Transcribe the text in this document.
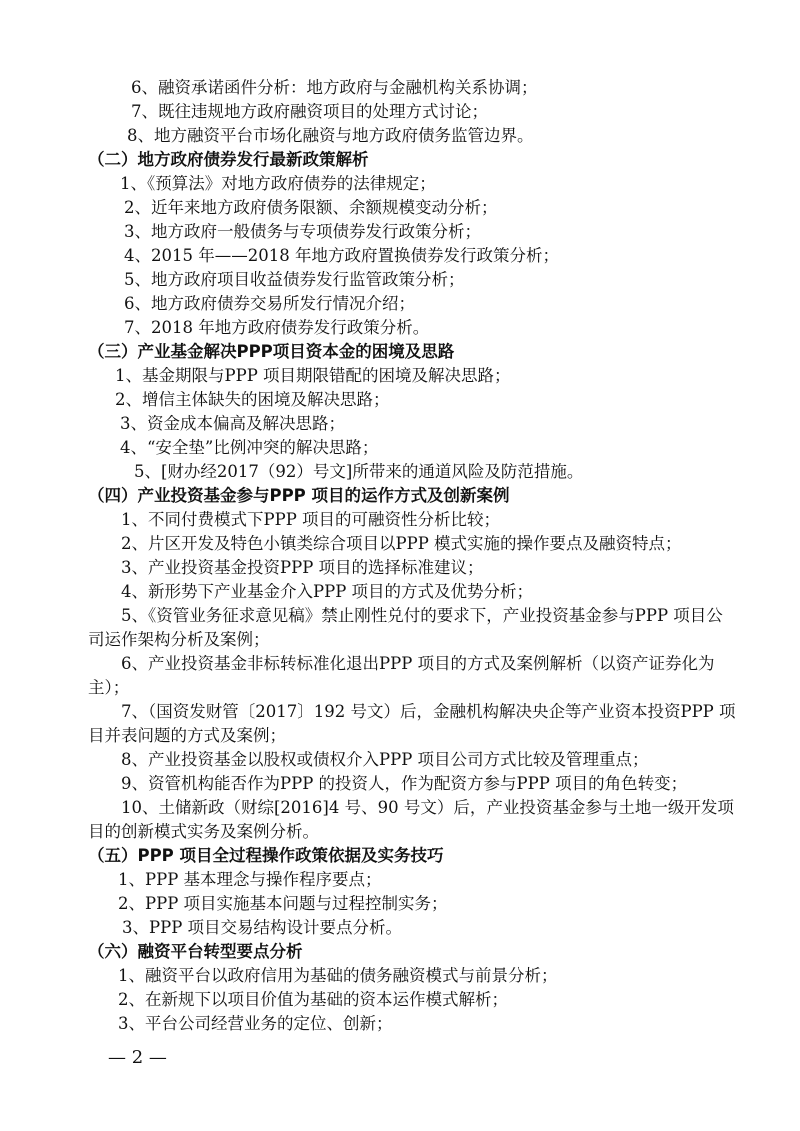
6、融资承诺函件分析：地方政府与金融机构关系协调；
7、既往违规地方政府融资项目的处理方式讨论；
8、地方融资平台市场化融资与地方政府债务监管边界。
（二）地方政府债券发行最新政策解析
1、《预算法》对地方政府债券的法律规定；
2、近年来地方政府债务限额、余额规模变动分析；
3、地方政府一般债务与专项债券发行政策分析；
4、2015 年——2018 年地方政府置换债券发行政策分析；
5、地方政府项目收益债券发行监管政策分析；
6、地方政府债券交易所发行情况介绍；
7、2018 年地方政府债券发行政策分析。
（三）产业基金解决PPP项目资本金的困境及思路
1、基金期限与PPP 项目期限错配的困境及解决思路；
2、增信主体缺失的困境及解决思路；
3、资金成本偏高及解决思路；
4、“安全垫”比例冲突的解决思路；
5、[财办经2017（92）号文]所带来的通道风险及防范措施。
（四）产业投资基金参与PPP 项目的运作方式及创新案例
1、不同付费模式下PPP 项目的可融资性分析比较；
2、片区开发及特色小镇类综合项目以PPP 模式实施的操作要点及融资特点；
3、产业投资基金投资PPP 项目的选择标准建议；
4、新形势下产业基金介入PPP 项目的方式及优势分析；
5、《资管业务征求意见稿》禁止刚性兑付的要求下，产业投资基金参与PPP 项目公
司运作架构分析及案例；
6、产业投资基金非标转标准化退出PPP 项目的方式及案例解析（以资产证券化为
主）；
7、（国资发财管〔2017〕192 号文）后，金融机构解决央企等产业资本投资PPP 项
目并表问题的方式及案例；
8、产业投资基金以股权或债权介入PPP 项目公司方式比较及管理重点；
9、资管机构能否作为PPP 的投资人，作为配资方参与PPP 项目的角色转变；
10、土储新政（财综[2016]4 号、90 号文）后，产业投资基金参与土地一级开发项
目的创新模式实务及案例分析。
（五）PPP 项目全过程操作政策依据及实务技巧
1、PPP 基本理念与操作程序要点；
2、PPP 项目实施基本问题与过程控制实务；
3、PPP 项目交易结构设计要点分析。
（六）融资平台转型要点分析
1、融资平台以政府信用为基础的债务融资模式与前景分析；
2、在新规下以项目价值为基础的资本运作模式解析；
3、平台公司经营业务的定位、创新；
— 2 —
